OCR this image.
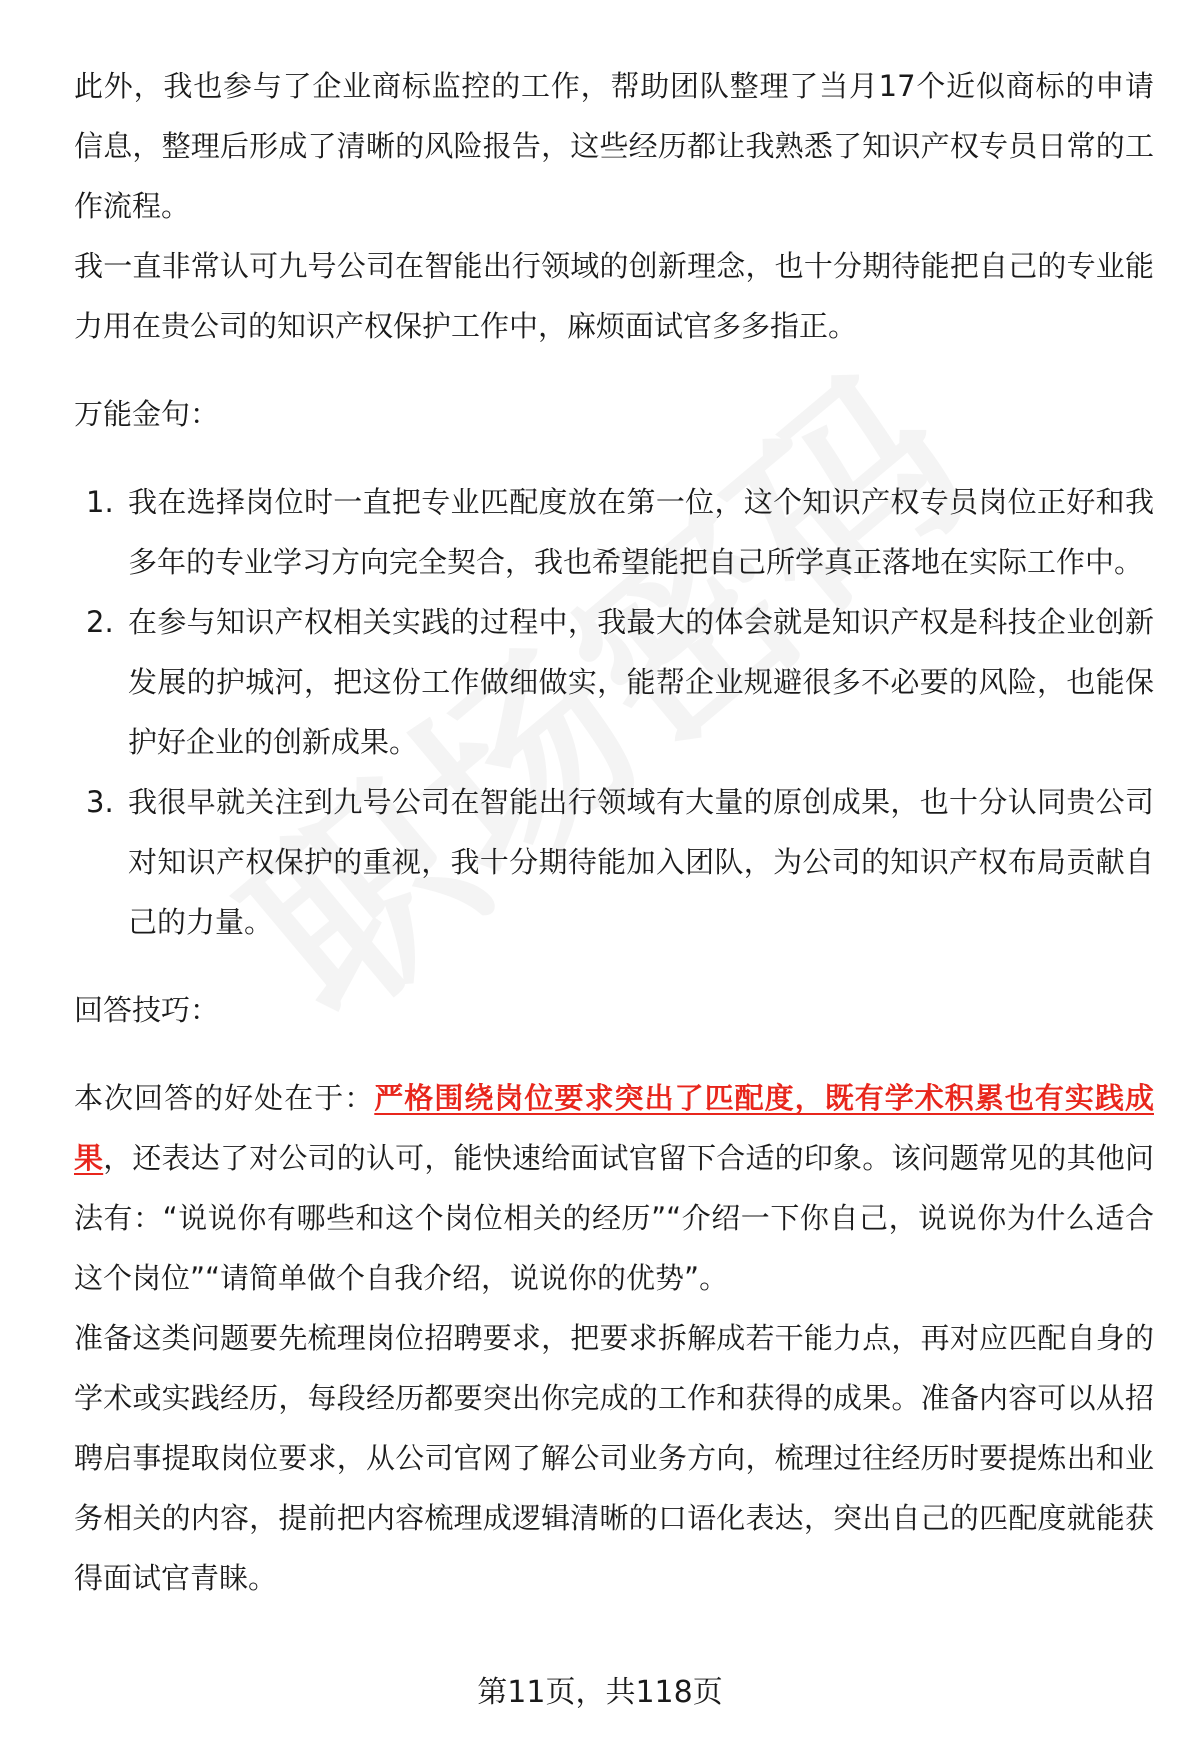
此外，我也参与了企业商标监控的工作，帮助团队整理了当月17个近似商标的申请信息，整理后形成了清晰的风险报告，这些经历都让我熟悉了知识产权专员日常的工作流程。

我一直非常认可九号公司在智能出行领域的创新理念，也十分期待能把自己的专业能力用在贵公司的知识产权保护工作中，麻烦面试官多多指正。

万能金句：

1. 我在选择岗位时一直把专业匹配度放在第一位，这个知识产权专员岗位正好和我多年的专业学习方向完全契合，我也希望能把自己所学真正落地在实际工作中。
2. 在参与知识产权相关实践的过程中，我最大的体会就是知识产权是科技企业创新发展的护城河，把这份工作做细做实，能帮企业规避很多不必要的风险，也能保护好企业的创新成果。
3. 我很早就关注到九号公司在智能出行领域有大量的原创成果，也十分认同贵公司对知识产权保护的重视，我十分期待能加入团队，为公司的知识产权布局贡献自己的力量。

回答技巧：

本次回答的好处在于：严格围绕岗位要求突出了匹配度，既有学术积累也有实践成果，还表达了对公司的认可，能快速给面试官留下合适的印象。该问题常见的其他问法有：“说说你有哪些和这个岗位相关的经历”“介绍一下你自己，说说你为什么适合这个岗位”“请简单做个自我介绍，说说你的优势”。

准备这类问题要先梳理岗位招聘要求，把要求拆解成若干能力点，再对应匹配自身的学术或实践经历，每段经历都要突出你完成的工作和获得的成果。准备内容可以从招聘启事提取岗位要求，从公司官网了解公司业务方向，梳理过往经历时要提炼出和业务相关的内容，提前把内容梳理成逻辑清晰的口语化表达，突出自己的匹配度就能获得面试官青睐。

第11页，共118页
